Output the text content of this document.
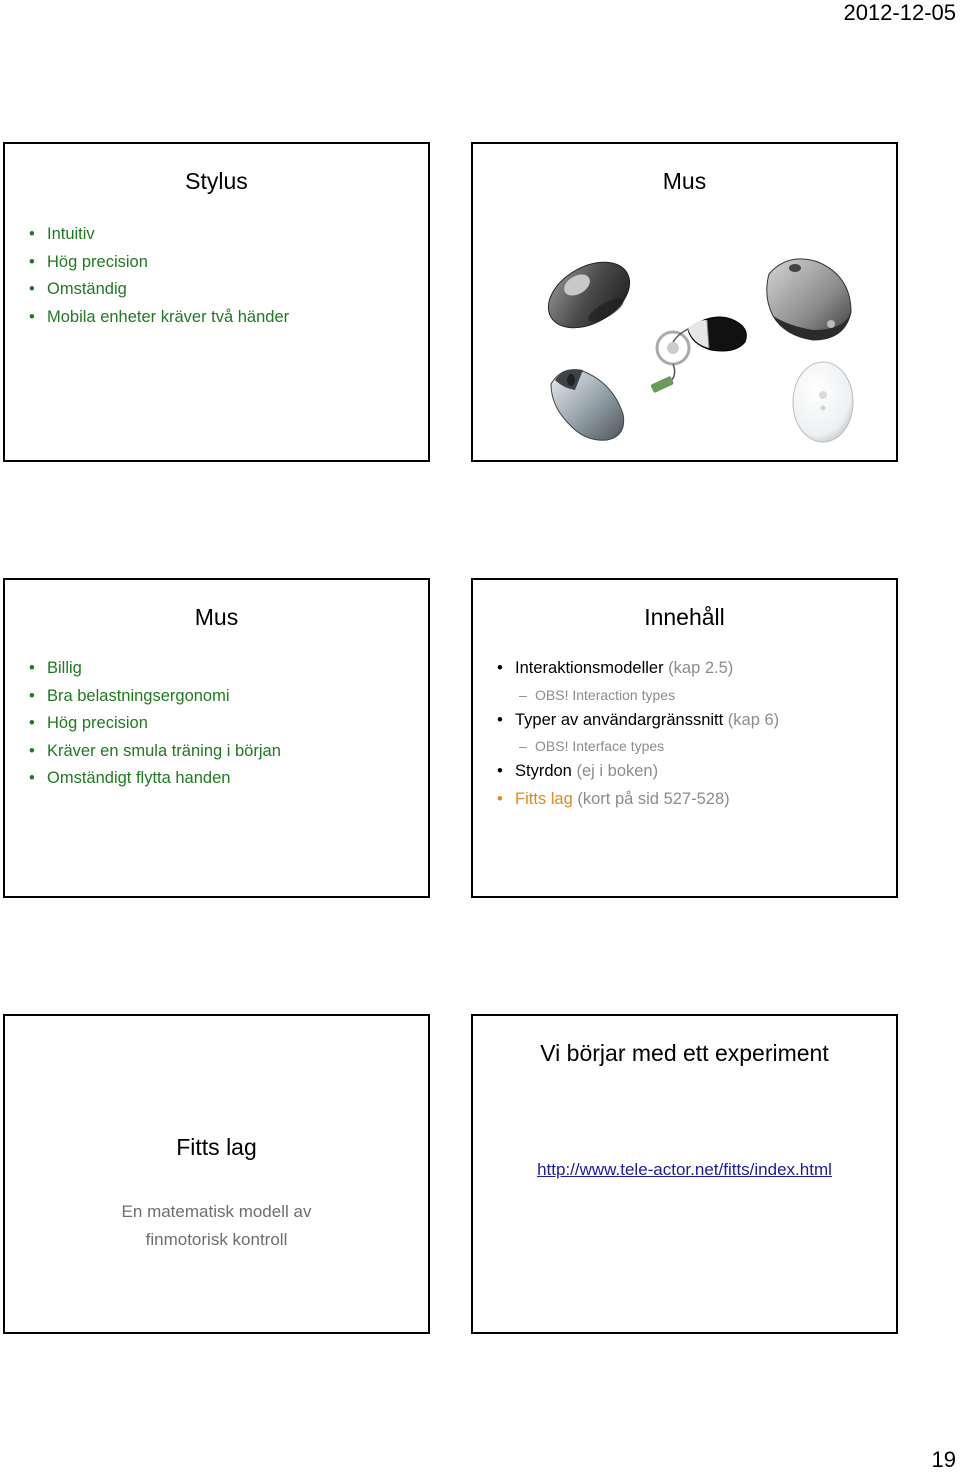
2012-12-05
Stylus
• Intuitiv
• Hög precision
• Omständig
• Mobila enheter kräver två händer
Mus
Mus
• Billig
• Bra belastningsergonomi
• Hög precision
• Kräver en smula träning i början
• Omständigt flytta handen
Innehåll
• Interaktionsmodeller (kap 2.5)
– OBS! Interaction types
• Typer av användargränssnitt (kap 6)
– OBS! Interface types
• Styrdon (ej i boken)
• Fitts lag (kort på sid 527-528)
Fitts lag
En matematisk modell av
finmotorisk kontroll
Vi börjar med ett experiment
http://www.tele-actor.net/fitts/index.html
19
